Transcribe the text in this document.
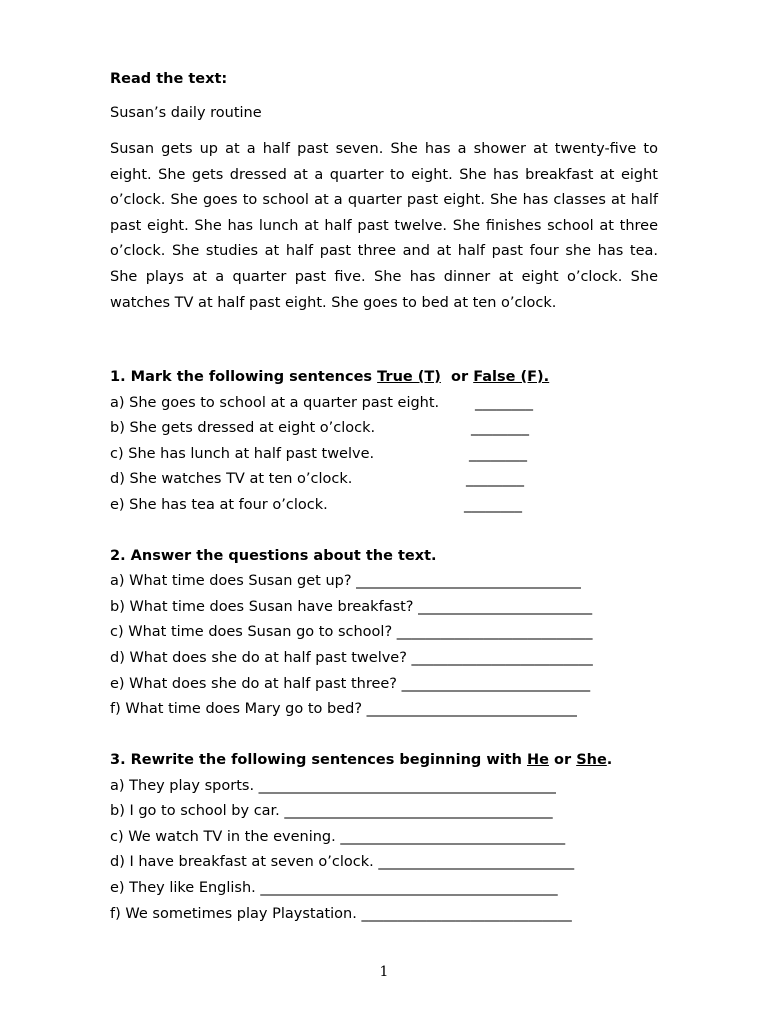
Read the text:
Susan’s daily routine
Susan gets up at a half past seven. She has a shower at twenty-five to eight. She gets dressed at a quarter to eight. She has breakfast at eight o’clock. She goes to school at a quarter past eight. She has classes at half past eight. She has lunch at half past twelve. She finishes school at three o’clock. She studies at half past three and at half past four she has tea. She plays at a quarter past five. She has dinner at eight o’clock. She watches TV at half past eight. She goes to bed at ten o’clock.
1. Mark the following sentences True (T)  or False (F).
a) She goes to school at a quarter past eight. ________
b) She gets dressed at eight o’clock.	________
c) She has lunch at half past twelve.	________
d) She watches TV at ten o’clock.	________
e) She has tea at four o’clock.	________
2. Answer the questions about the text.
a) What time does Susan get up? _______________________________
b) What time does Susan have breakfast? ________________________
c) What time does Susan go to school? ___________________________
d) What does she do at half past twelve? _________________________
e) What does she do at half past three? __________________________
f) What time does Mary go to bed? _____________________________
3. Rewrite the following sentences beginning with He or She.
a) They play sports. _________________________________________
b) I go to school by car. _____________________________________
c) We watch TV in the evening. _______________________________
d) I have breakfast at seven o’clock. ___________________________
e) They like English. _________________________________________
f) We sometimes play Playstation. _____________________________
1
